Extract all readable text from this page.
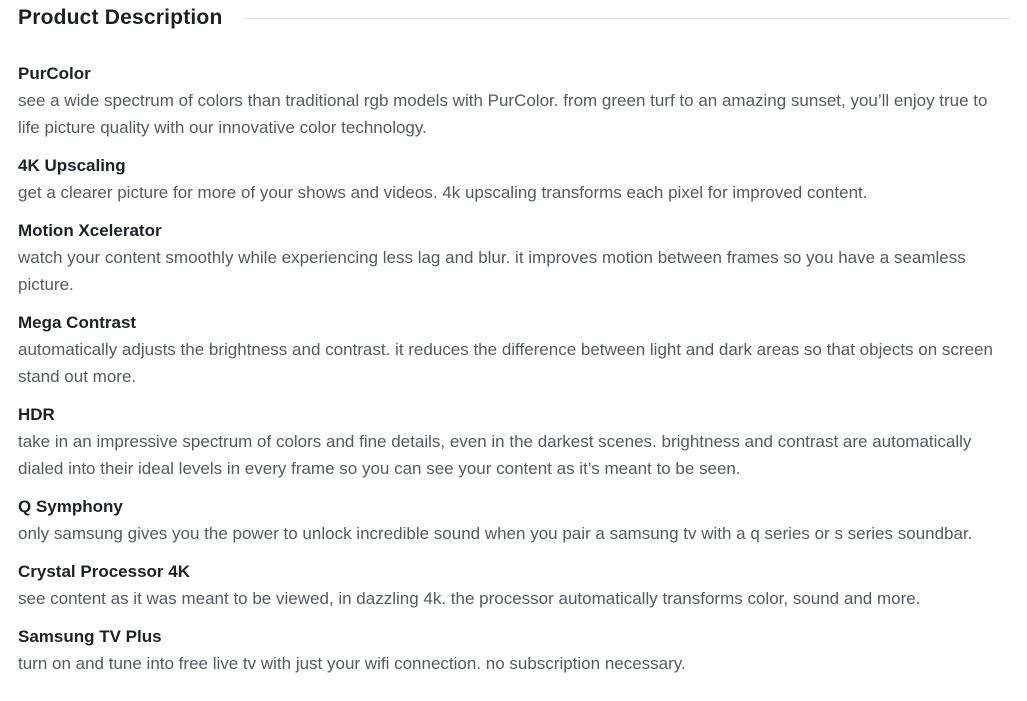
Product Description
PurColor

see a wide spectrum of colors than traditional rgb models with PurColor. from green turf to an amazing sunset, you’ll enjoy true to life picture quality with our innovative color technology.

4K Upscaling

get a clearer picture for more of your shows and videos. 4k upscaling transforms each pixel for improved content.

Motion Xcelerator

watch your content smoothly while experiencing less lag and blur. it improves motion between frames so you have a seamless picture.

Mega Contrast

automatically adjusts the brightness and contrast. it reduces the difference between light and dark areas so that objects on screen stand out more.

HDR

take in an impressive spectrum of colors and fine details, even in the darkest scenes. brightness and contrast are automatically dialed into their ideal levels in every frame so you can see your content as it’s meant to be seen.

Q Symphony

only samsung gives you the power to unlock incredible sound when you pair a samsung tv with a q series or s series soundbar.

Crystal Processor 4K

see content as it was meant to be viewed, in dazzling 4k. the processor automatically transforms color, sound and more.

Samsung TV Plus

turn on and tune into free live tv with just your wifi connection. no subscription necessary.
